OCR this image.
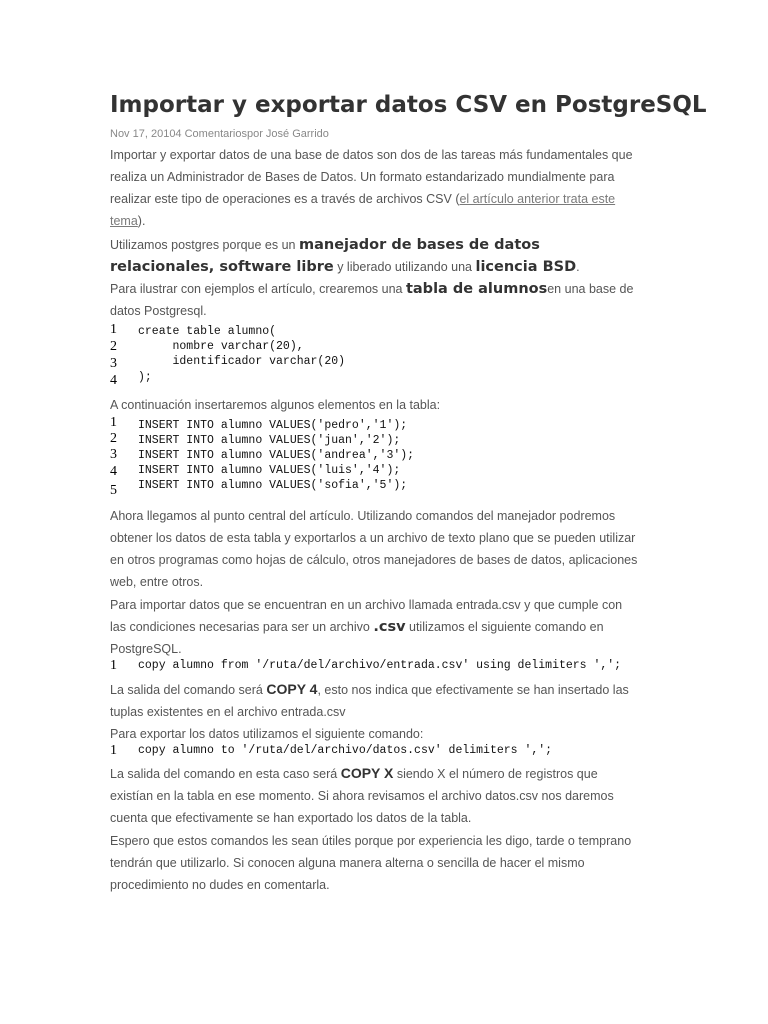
Importar y exportar datos CSV en PostgreSQL
Nov 17, 20104 Comentariospor José Garrido

Importar y exportar datos de una base de datos son dos de las tareas más fundamentales que realiza un Administrador de Bases de Datos. Un formato estandarizado mundialmente para realizar este tipo de operaciones es a través de archivos CSV (el artículo anterior trata este tema).

Utilizamos postgres porque es un manejador de bases de datos relacionales, software libre y liberado utilizando una licencia BSD.

Para ilustrar con ejemplos el artículo, crearemos una tabla de alumnosen una base de datos Postgresql.

1
2
3
4
create table alumno(
nombre varchar(20),
identificador varchar(20)
);

A continuación insertaremos algunos elementos en la tabla:

1
2
3
4
5
INSERT INTO alumno VALUES('pedro','1');
INSERT INTO alumno VALUES('juan','2');
INSERT INTO alumno VALUES('andrea','3');
INSERT INTO alumno VALUES('luis','4');
INSERT INTO alumno VALUES('sofia','5');

Ahora llegamos al punto central del artículo. Utilizando comandos del manejador podremos obtener los datos de esta tabla y exportarlos a un archivo de texto plano que se pueden utilizar en otros programas como hojas de cálculo, otros manejadores de bases de datos, aplicaciones web, entre otros.

Para importar datos que se encuentran en un archivo llamada entrada.csv y que cumple con las condiciones necesarias para ser un archivo .csv utilizamos el siguiente comando en PostgreSQL.

1 copy alumno from '/ruta/del/archivo/entrada.csv' using delimiters ',';

La salida del comando será COPY 4, esto nos indica que efectivamente se han insertado las tuplas existentes en el archivo entrada.csv

Para exportar los datos utilizamos el siguiente comando:

1 copy alumno to '/ruta/del/archivo/datos.csv' delimiters ',';

La salida del comando en esta caso será COPY X siendo X el número de registros que existían en la tabla en ese momento. Si ahora revisamos el archivo datos.csv nos daremos cuenta que efectivamente se han exportado los datos de la tabla.

Espero que estos comandos les sean útiles porque por experiencia les digo, tarde o temprano tendrán que utilizarlo. Si conocen alguna manera alterna o sencilla de hacer el mismo procedimiento no dudes en comentarla.
